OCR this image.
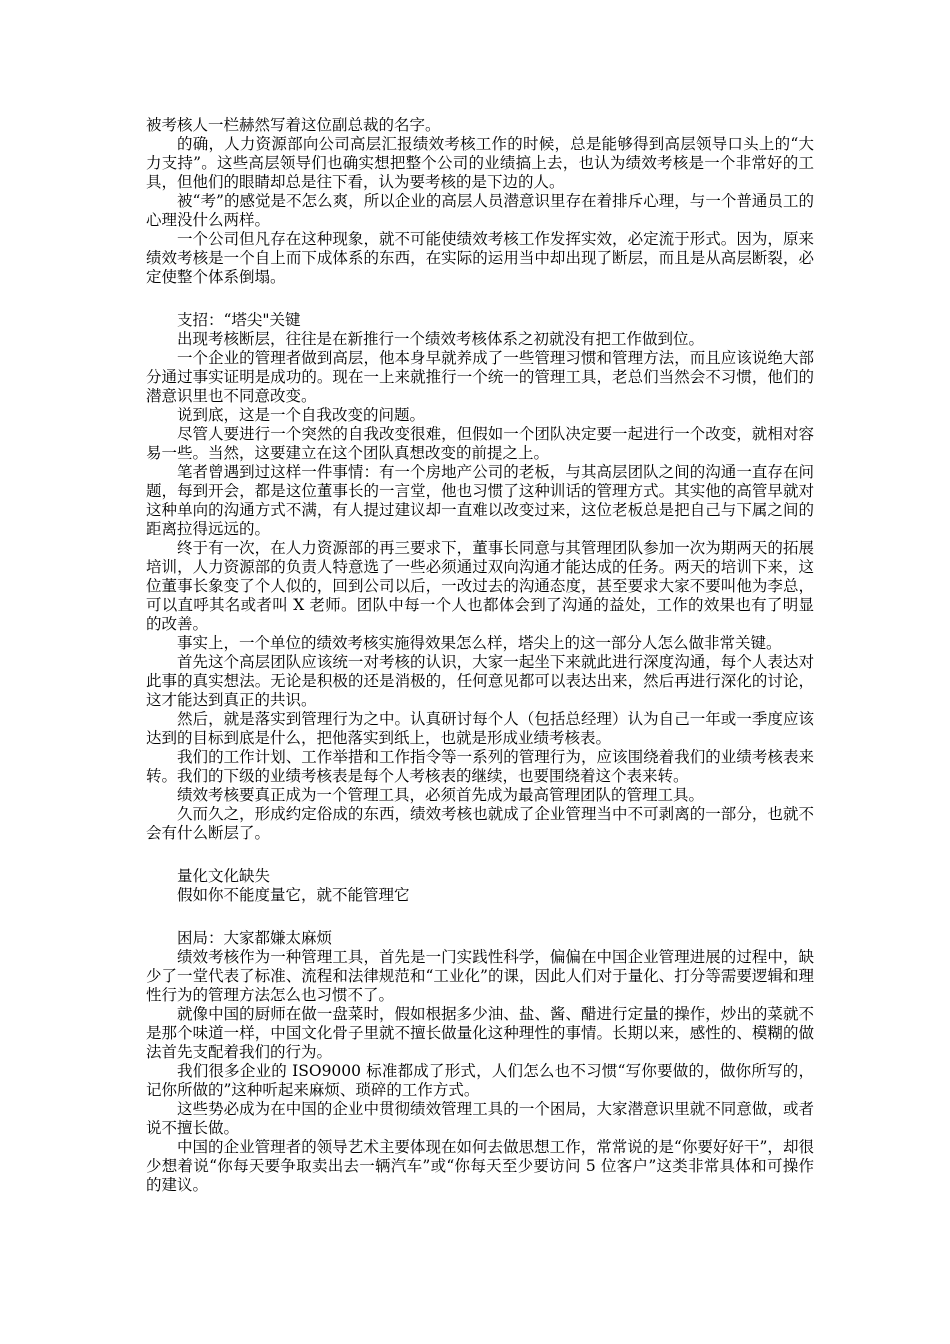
被考核人一栏赫然写着这位副总裁的名字。

的确，人力资源部向公司高层汇报绩效考核工作的时候，总是能够得到高层领导口头上的“大力支持”。这些高层领导们也确实想把整个公司的业绩搞上去，也认为绩效考核是一个非常好的工具，但他们的眼睛却总是往下看，认为要考核的是下边的人。

被“考”的感觉是不怎么爽，所以企业的高层人员潜意识里存在着排斥心理，与一个普通员工的心理没什么两样。

一个公司但凡存在这种现象，就不可能使绩效考核工作发挥实效，必定流于形式。因为，原来绩效考核是一个自上而下成体系的东西，在实际的运用当中却出现了断层，而且是从高层断裂，必定使整个体系倒塌。

支招：“塔尖"关键

出现考核断层，往往是在新推行一个绩效考核体系之初就没有把工作做到位。

一个企业的管理者做到高层，他本身早就养成了一些管理习惯和管理方法，而且应该说绝大部分通过事实证明是成功的。现在一上来就推行一个统一的管理工具，老总们当然会不习惯，他们的潜意识里也不同意改变。

说到底，这是一个自我改变的问题。

尽管人要进行一个突然的自我改变很难，但假如一个团队决定要一起进行一个改变，就相对容易一些。当然，这要建立在这个团队真想改变的前提之上。

笔者曾遇到过这样一件事情：有一个房地产公司的老板，与其高层团队之间的沟通一直存在问题，每到开会，都是这位董事长的一言堂，他也习惯了这种训话的管理方式。其实他的高管早就对这种单向的沟通方式不满，有人提过建议却一直难以改变过来，这位老板总是把自己与下属之间的距离拉得远远的。

终于有一次，在人力资源部的再三要求下，董事长同意与其管理团队参加一次为期两天的拓展培训，人力资源部的负责人特意选了一些必须通过双向沟通才能达成的任务。两天的培训下来，这位董事长象变了个人似的，回到公司以后，一改过去的沟通态度，甚至要求大家不要叫他为李总，可以直呼其名或者叫 X 老师。团队中每一个人也都体会到了沟通的益处，工作的效果也有了明显的改善。

事实上，一个单位的绩效考核实施得效果怎么样，塔尖上的这一部分人怎么做非常关键。

首先这个高层团队应该统一对考核的认识，大家一起坐下来就此进行深度沟通，每个人表达对此事的真实想法。无论是积极的还是消极的，任何意见都可以表达出来，然后再进行深化的讨论，这才能达到真正的共识。

然后，就是落实到管理行为之中。认真研讨每个人（包括总经理）认为自己一年或一季度应该达到的目标到底是什么，把他落实到纸上，也就是形成业绩考核表。

我们的工作计划、工作举措和工作指令等一系列的管理行为，应该围绕着我们的业绩考核表来转。我们的下级的业绩考核表是每个人考核表的继续，也要围绕着这个表来转。

绩效考核要真正成为一个管理工具，必须首先成为最高管理团队的管理工具。

久而久之，形成约定俗成的东西，绩效考核也就成了企业管理当中不可剥离的一部分，也就不会有什么断层了。

量化文化缺失

假如你不能度量它，就不能管理它

困局：大家都嫌太麻烦

绩效考核作为一种管理工具，首先是一门实践性科学，偏偏在中国企业管理进展的过程中，缺少了一堂代表了标准、流程和法律规范和“工业化”的课，因此人们对于量化、打分等需要逻辑和理性行为的管理方法怎么也习惯不了。

就像中国的厨师在做一盘菜时，假如根据多少油、盐、酱、醋进行定量的操作，炒出的菜就不是那个味道一样，中国文化骨子里就不擅长做量化这种理性的事情。长期以来，感性的、模糊的做法首先支配着我们的行为。

我们很多企业的 ISO9000 标准都成了形式，人们怎么也不习惯“写你要做的，做你所写的，记你所做的”这种听起来麻烦、琐碎的工作方式。

这些势必成为在中国的企业中贯彻绩效管理工具的一个困局，大家潜意识里就不同意做，或者说不擅长做。

中国的企业管理者的领导艺术主要体现在如何去做思想工作，常常说的是“你要好好干”，却很少想着说“你每天要争取卖出去一辆汽车”或“你每天至少要访问 5 位客户”这类非常具体和可操作的建议。
